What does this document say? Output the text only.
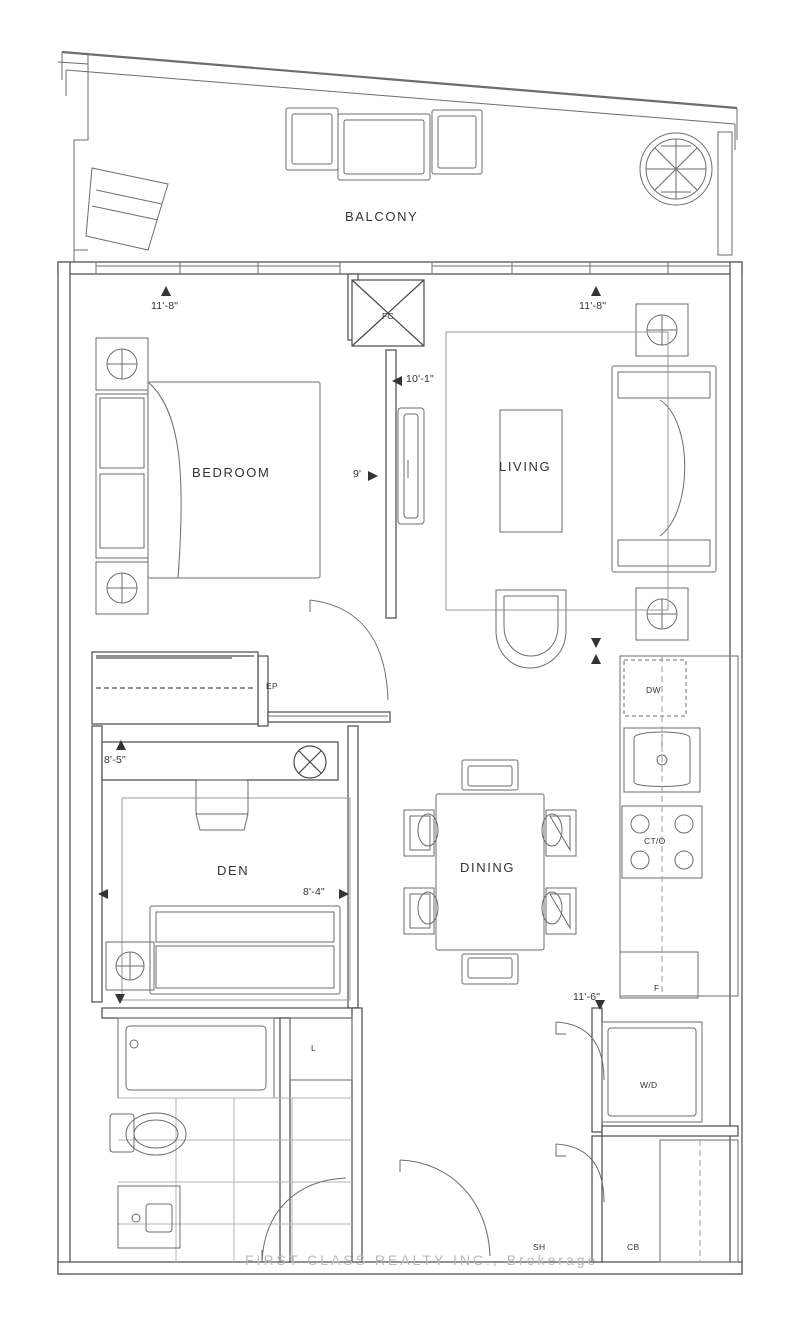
BALCONY
BEDROOM	LIVING
DEN	DINING
FC
EP	DW
CT/O
F
L
W/D
SH	CB
11'-8"	11'-8"
10'-1"
9'
8'-5"
8'-4"
11'-6"
FIRST CLASS REALTY INC., Brokerage
